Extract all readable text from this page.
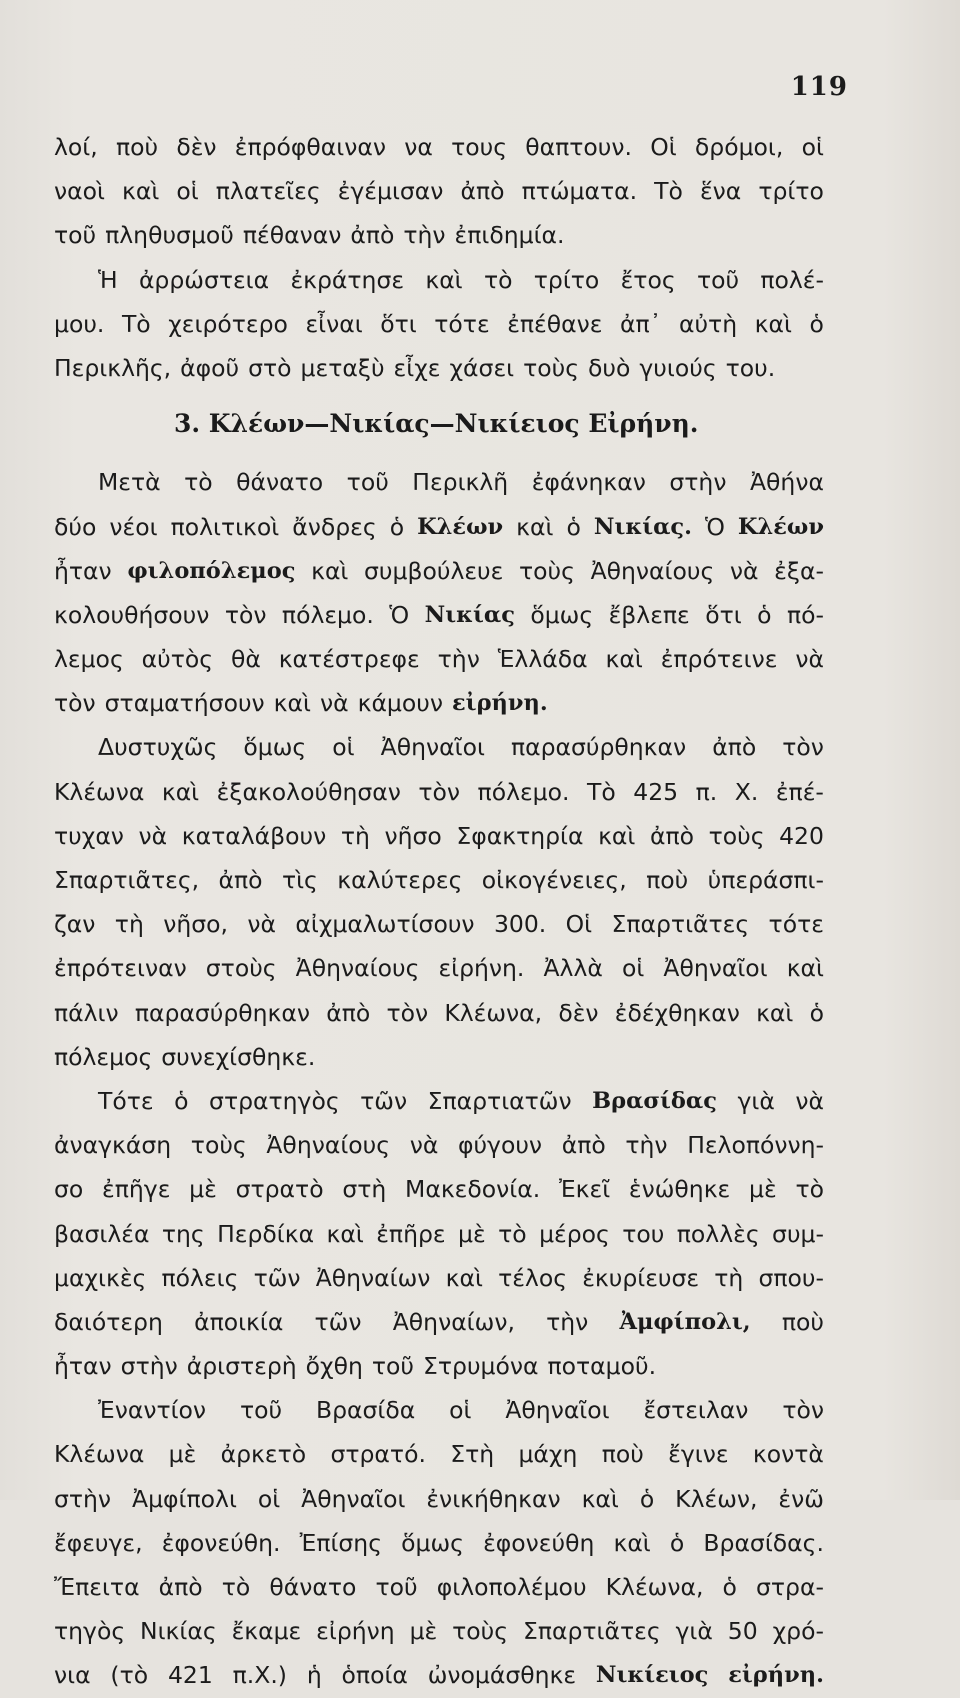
119
λοί, ποὺ δὲν ἐπρόφθαιναν να τους θαπτουν. Οἱ δρόμοι, οἱ
ναοὶ καὶ οἱ πλατεῖες ἐγέμισαν ἀπὸ πτώματα. Τὸ ἕνα τρίτο
τοῦ πληθυσμοῦ πέθαναν ἀπὸ τὴν ἐπιδημία.
Ἡ ἀρρώστεια ἐκράτησε καὶ τὸ τρίτο ἔτος τοῦ πολέ-
μου. Τὸ χειρότερο εἶναι ὅτι τότε ἐπέθανε ἀπ᾿ αὐτὴ καὶ ὁ
Περικλῆς, ἀφοῦ στὸ μεταξὺ εἶχε χάσει τοὺς δυὸ γυιούς του.
3. Κλέων—Νικίας—Νικίειος Εἰρήνη.
Μετὰ τὸ θάνατο τοῦ Περικλῆ ἐφάνηκαν στὴν Ἀθήνα
δύο νέοι πολιτικοὶ ἄνδρες ὁ Κλέων καὶ ὁ Νικίας. Ὁ Κλέων
ἦταν φιλοπόλεμος καὶ συμβούλευε τοὺς Ἀθηναίους νὰ ἐξα-
κολουθήσουν τὸν πόλεμο. Ὁ Νικίας ὅμως ἔβλεπε ὅτι ὁ πό-
λεμος αὐτὸς θὰ κατέστρεφε τὴν Ἑλλάδα καὶ ἐπρότεινε νὰ
τὸν σταματήσουν καὶ νὰ κάμουν εἰρήνη.
Δυστυχῶς ὅμως οἱ Ἀθηναῖοι παρασύρθηκαν ἀπὸ τὸν
Κλέωνα καὶ ἐξακολούθησαν τὸν πόλεμο. Τὸ 425 π. Χ. ἐπέ-
τυχαν νὰ καταλάβουν τὴ νῆσο Σφακτηρία καὶ ἀπὸ τοὺς 420
Σπαρτιᾶτες, ἀπὸ τὶς καλύτερες οἰκογένειες, ποὺ ὑπεράσπι-
ζαν τὴ νῆσο, νὰ αἰχμαλωτίσουν 300. Οἱ Σπαρτιᾶτες τότε
ἐπρότειναν στοὺς Ἀθηναίους εἰρήνη. Ἀλλὰ οἱ Ἀθηναῖοι καὶ
πάλιν παρασύρθηκαν ἀπὸ τὸν Κλέωνα, δὲν ἐδέχθηκαν καὶ ὁ
πόλεμος συνεχίσθηκε.
Τότε ὁ στρατηγὸς τῶν Σπαρτιατῶν Βρασίδας γιὰ νὰ
ἀναγκάση τοὺς Ἀθηναίους νὰ φύγουν ἀπὸ τὴν Πελοπόννη-
σο ἐπῆγε μὲ στρατὸ στὴ Μακεδονία. Ἐκεῖ ἑνώθηκε μὲ τὸ
βασιλέα της Περδίκα καὶ ἐπῆρε μὲ τὸ μέρος του πολλὲς συμ-
μαχικὲς πόλεις τῶν Ἀθηναίων καὶ τέλος ἐκυρίευσε τὴ σπου-
δαιότερη ἀποικία τῶν Ἀθηναίων, τὴν Ἀμφίπολι, ποὺ
ἦταν στὴν ἀριστερὴ ὄχθη τοῦ Στρυμόνα ποταμοῦ.
Ἐναντίον τοῦ Βρασίδα οἱ Ἀθηναῖοι ἔστειλαν τὸν
Κλέωνα μὲ ἀρκετὸ στρατό. Στὴ μάχη ποὺ ἔγινε κοντὰ
στὴν Ἀμφίπολι οἱ Ἀθηναῖοι ἐνικήθηκαν καὶ ὁ Κλέων, ἐνῶ
ἔφευγε, ἐφονεύθη. Ἐπίσης ὅμως ἐφονεύθη καὶ ὁ Βρασίδας.
Ἔπειτα ἀπὸ τὸ θάνατο τοῦ φιλοπολέμου Κλέωνα, ὁ στρα-
τηγὸς Νικίας ἔκαμε εἰρήνη μὲ τοὺς Σπαρτιᾶτες γιὰ 50 χρό-
νια (τὸ 421 π.Χ.) ἡ ὁποία ὠνομάσθηκε Νικίειος εἰρήνη.
